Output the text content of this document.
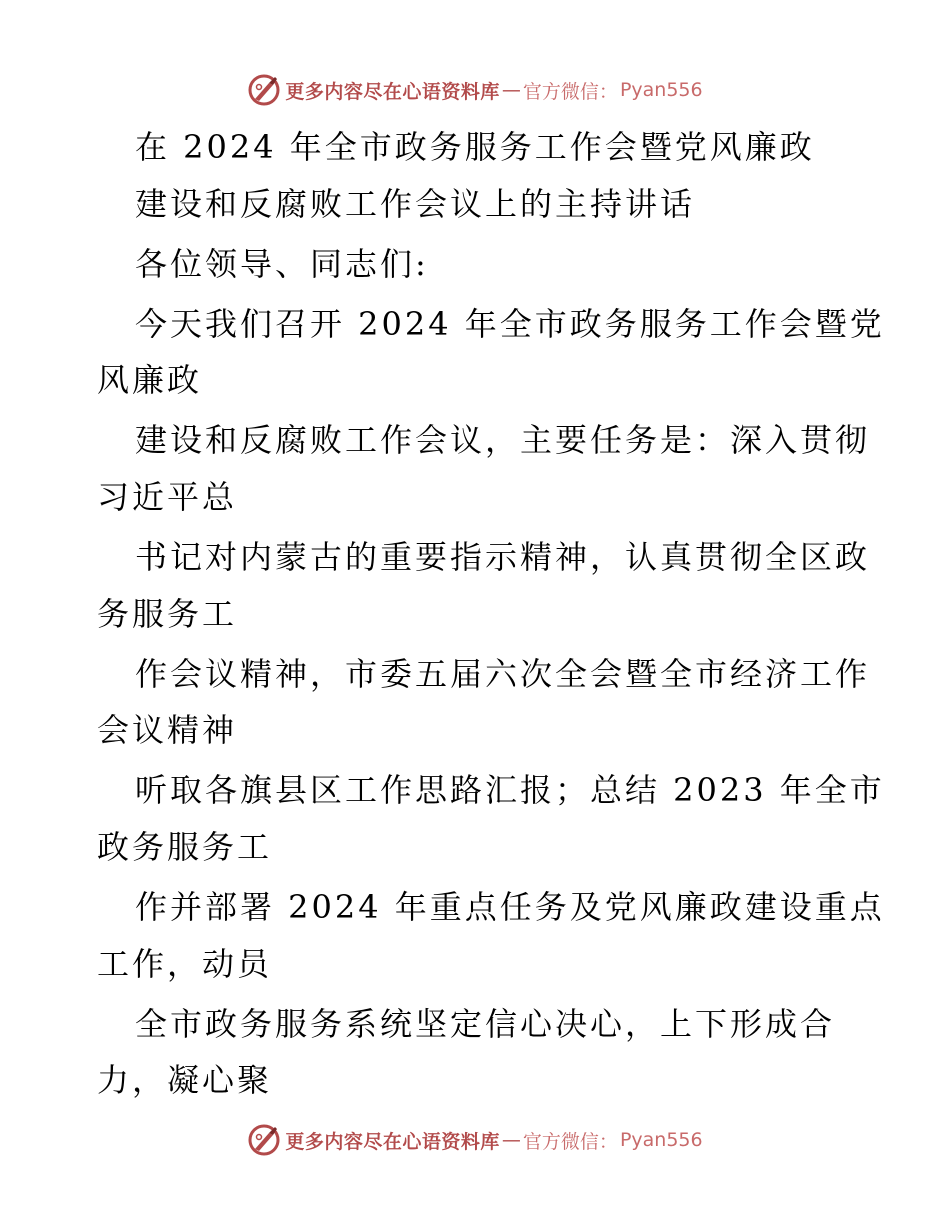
更多内容尽在心语资料库 — 官方微信： Pyan556
在 2024 年全市政务服务工作会暨党风廉政
建设和反腐败工作会议上的主持讲话
各位领导、同志们:
今天我们召开 2024 年全市政务服务工作会暨党
风廉政
建设和反腐败工作会议，主要任务是：深入贯彻
习近平总
书记对内蒙古的重要指示精神，认真贯彻全区政
务服务工
作会议精神，市委五届六次全会暨全市经济工作
会议精神
听取各旗县区工作思路汇报；总结 2023 年全市
政务服务工
作并部署 2024 年重点任务及党风廉政建设重点
工作，动员
全市政务服务系统坚定信心决心，上下形成合
力，凝心聚
更多内容尽在心语资料库 — 官方微信： Pyan556
